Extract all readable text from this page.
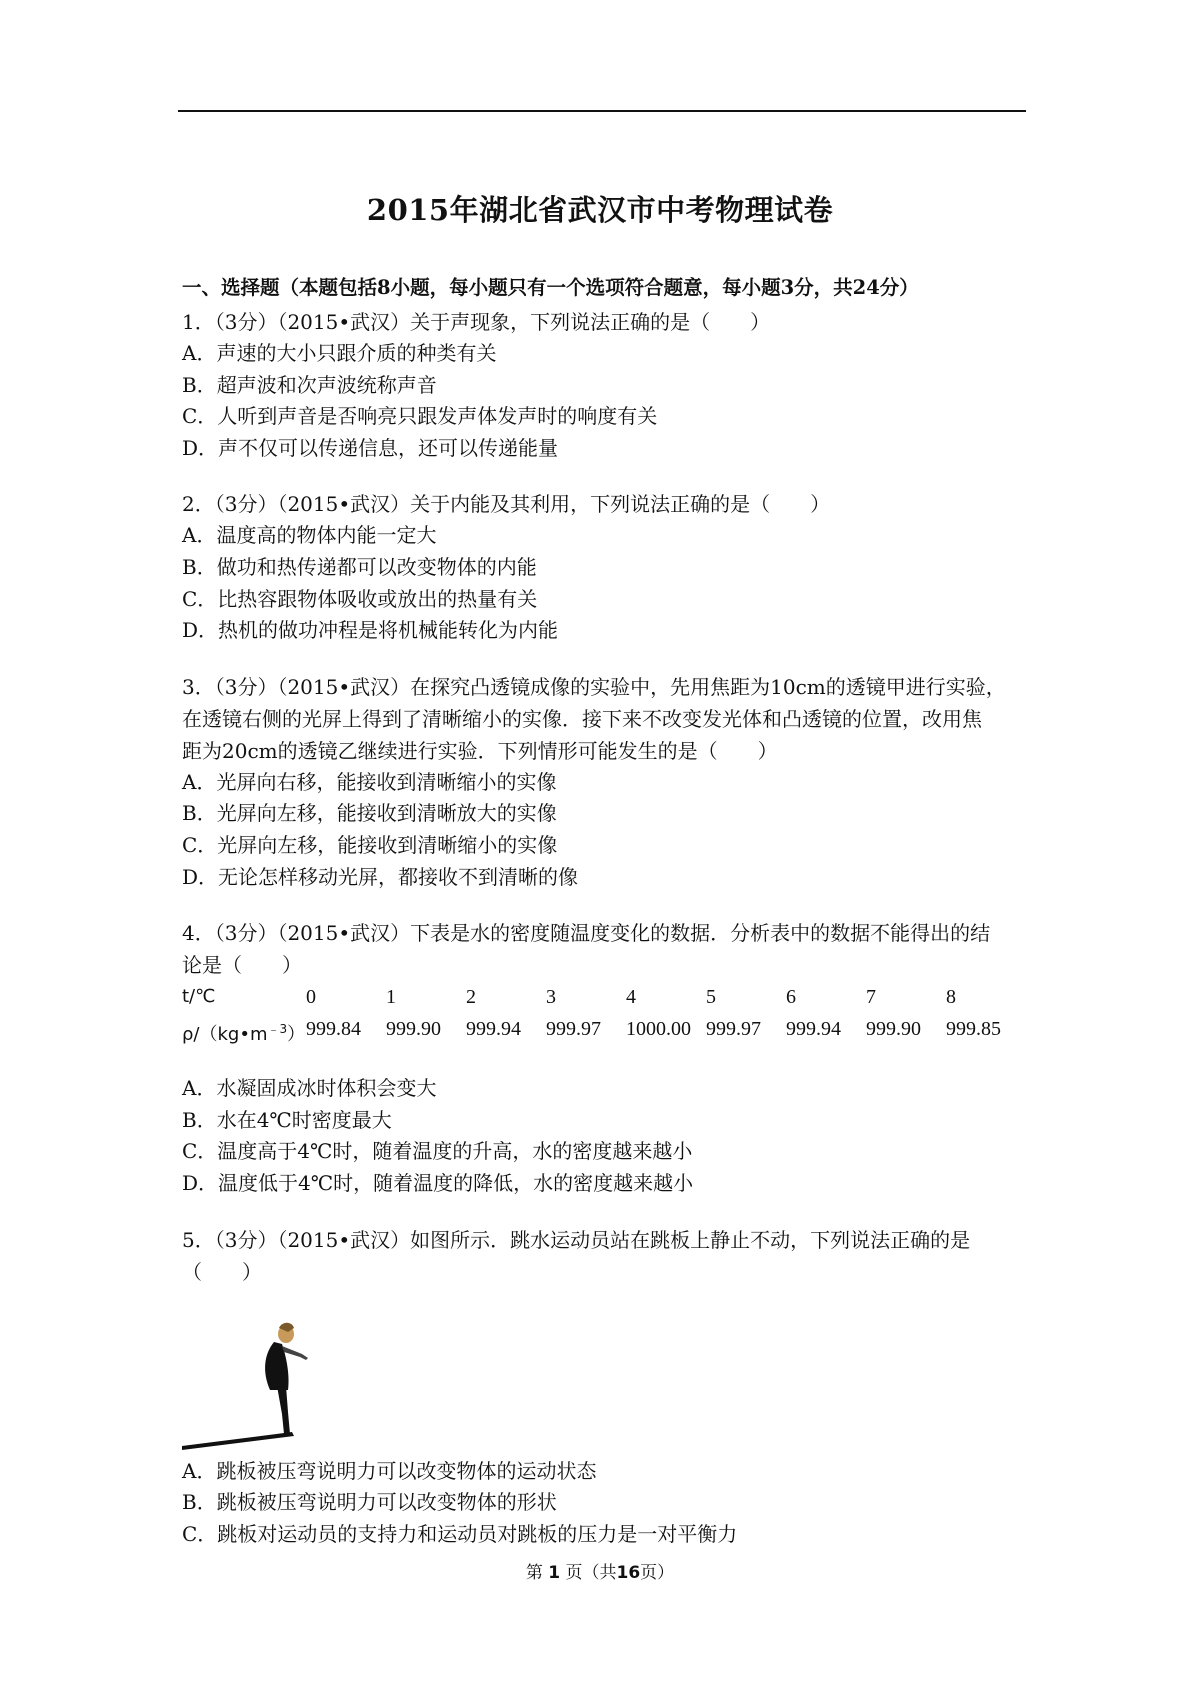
2015年湖北省武汉市中考物理试卷
一、选择题（本题包括8小题，每小题只有一个选项符合题意，每小题3分，共24分）
1．（3分）（2015•武汉）关于声现象，下列说法正确的是（　　）
A．声速的大小只跟介质的种类有关
B．超声波和次声波统称声音
C．人听到声音是否响亮只跟发声体发声时的响度有关
D．声不仅可以传递信息，还可以传递能量
2．（3分）（2015•武汉）关于内能及其利用，下列说法正确的是（　　）
A．温度高的物体内能一定大
B．做功和热传递都可以改变物体的内能
C．比热容跟物体吸收或放出的热量有关
D．热机的做功冲程是将机械能转化为内能
3．（3分）（2015•武汉）在探究凸透镜成像的实验中，先用焦距为10cm的透镜甲进行实验，
在透镜右侧的光屏上得到了清晰缩小的实像．接下来不改变发光体和凸透镜的位置，改用焦
距为20cm的透镜乙继续进行实验．下列情形可能发生的是（　　）
A．光屏向右移，能接收到清晰缩小的实像
B．光屏向左移，能接收到清晰放大的实像
C．光屏向左移，能接收到清晰缩小的实像
D．无论怎样移动光屏，都接收不到清晰的像
4．（3分）（2015•武汉）下表是水的密度随温度变化的数据．分析表中的数据不能得出的结
论是（　　）
t/℃	0	1	2	3	4	5	6	7	8
$\rho/(kg•m^{﹣3})$ 999.84	999.90	999.94	999.97	1000.00 999.97	999.94	999.90	999.85
A．水凝固成冰时体积会变大
B．水在4℃时密度最大
C．温度高于4℃时，随着温度的升高，水的密度越来越小
D．温度低于4℃时，随着温度的降低，水的密度越来越小
5．（3分）（2015•武汉）如图所示．跳水运动员站在跳板上静止不动，下列说法正确的是（　　）
A．跳板被压弯说明力可以改变物体的运动状态
B．跳板被压弯说明力可以改变物体的形状
C．跳板对运动员的支持力和运动员对跳板的压力是一对平衡力
第 1 页（共16页）
